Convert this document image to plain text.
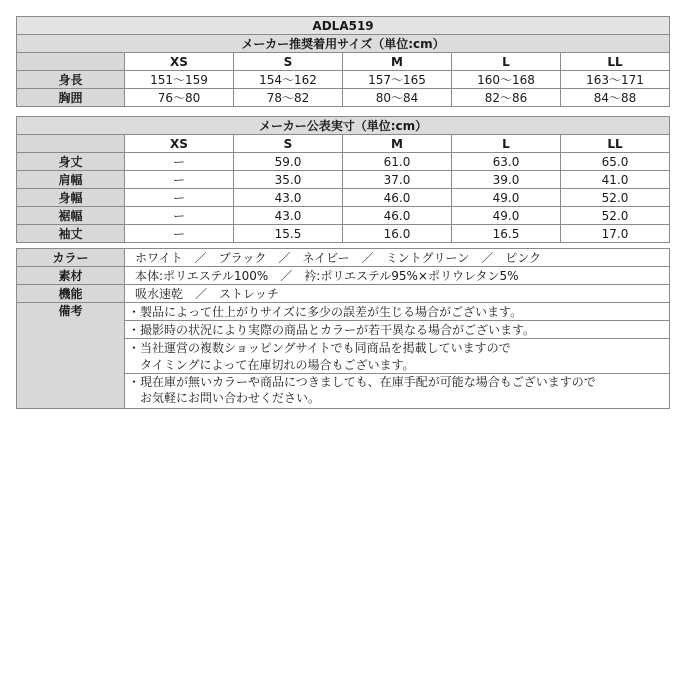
ADLA519					
メーカー推奨着用サイズ（単位:cm）					
	XS	S	M	L	LL
身長	151～159	154～162	157～165	160～168	163～171
胸囲	76～80	78～82	80～84	82～86	84～88
メーカー公表実寸（単位:cm）					
	XS	S	M	L	LL
身丈	ー	59.0	61.0	63.0	65.0
肩幅	ー	35.0	37.0	39.0	41.0
身幅	ー	43.0	46.0	49.0	52.0
裾幅	ー	43.0	46.0	49.0	52.0
袖丈	ー	15.5	16.0	16.5	17.0
カラー	ホワイト　／　ブラック　／　ネイビー　／　ミントグリーン　／　ピンク
素材	本体:ポリエステル100%　／　衿:ポリエステル95%×ポリウレタン5%
機能	吸水速乾　／　ストレッチ
備考	・製品によって仕上がりサイズに多少の誤差が生じる場合がございます。
	・撮影時の状況により実際の商品とカラーが若干異なる場合がございます。
	・当社運営の複数ショッピングサイトでも同商品を掲載していますので
	　タイミングによって在庫切れの場合もございます。

	・現在庫が無いカラーや商品につきましても、在庫手配が可能な場合もございますので
　お気軽にお問い合わせください。
